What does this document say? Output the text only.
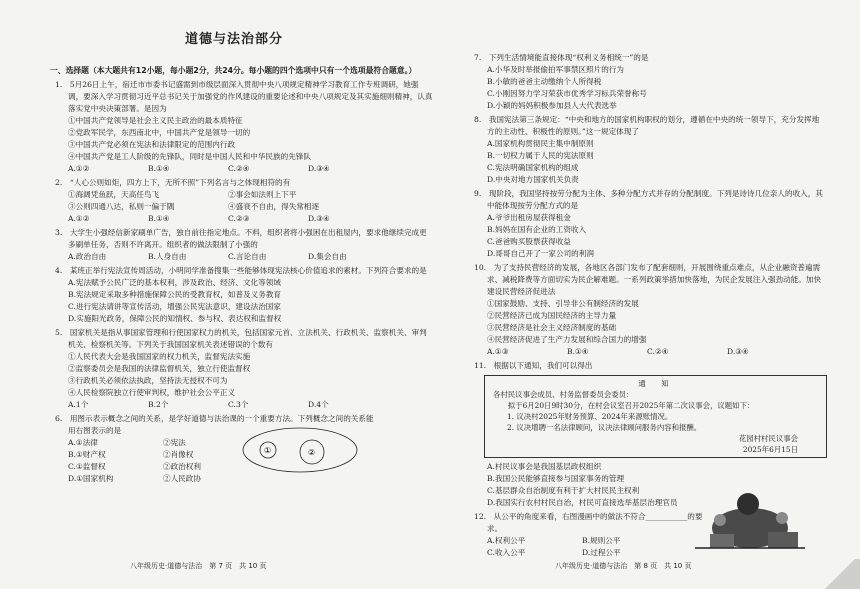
道德与法治部分
一、选择题（本大题共有12小题，每小题2分，共24分。每小题的四个选项中只有一个选项最符合题意。）
1.　5月26日上午，宿迁市市委书记盛需到市级层面深入贯彻中央八项规定精神学习教育工作专班调研，她强调，要深入学习贯彻习近平总书记关于加强党的作风建设的重要论述和中央八项规定及其实施细则精神，认真落实党中央决策部署。是因为
①中国共产党领导是社会主义民主政治的最本质特征
②党政军民学，东西南北中，中国共产党是领导一切的
③中国共产党必须在宪法和法律限定的范围内行政
④中国共产党是工人阶级的先锋队，同时是中国人民和中华民族的先锋队
A.①②	B.①④	C.②④	D.③④
2.　“人心公则如炬，四方上下，无所不照”下列名言与之体现相符的有
①海阔凭鱼跃，天高任鸟飞	②事会如法则上下平
③公则四通八达，私则一偏于隅	④盛衰不自由，得失常相逐
A.①②	B.①④	C.②③	D.③④
3.　大学生小强经信新家刷单广告，独自前往指定地点。不料，组织者将小强困在出租屋内，要求他继续完成更多刷单任务，否则不许离开。组织者的做法限制了小强的
A.政治自由	B.人身自由	C.言论自由	D.集会自由
4.　某班正举行宪法宣传周活动，小明同学准备搜集一些能够体现宪法核心价值追求的素材。下列符合要求的是
A.宪法赋予公民广泛的基本权利，涉及政治、经济、文化等领域
B.宪法规定采取多种措施保障公民的受教育权，如普及义务教育
C.进行宪法请讲等宣传活动，增强公民宪法意识，建设法治国家
D.实施阳光政务，保障公民的知情权、参与权、表达权和监督权
5.　国家机关是指从事国家管理和行使国家权力的机关，包括国家元首、立法机关、行政机关、监察机关、审判机关、检察机关等。下列关于我国国家机关表述错误的个数有
①人民代表大会是我国国家的权力机关，监督宪法实施
②监察委员会是我国的法律监督机关，独立行使监督权
③行政机关必须依法执政，坚持法无授权不可为
④人民检察院独立行使审判权，维护社会公平正义
A.1个	B.2个	C.3个	D.4个
6.　用图示表示概念之间的关系，是学好道德与法治课的一个重要方法。下列概念之间的关系能用右图表示的是
A.①法律	②宪法
B.①财产权	②肖像权
C.①监督权	②政治权利
D.①国家机构	②人民政协
①	②
7.　下列生活情境能直接体现“权利义务相统一”的是
A.小华及时举报偷拍军事禁区照片的行为
B.小敏的爸爸主动缴纳个人所得税
C.小刚因努力学习荣获市优秀学习标兵荣誉称号
D.小颖的妈妈积极参加县人大代表选举
8.　我国宪法第三条规定：“中央和地方的国家机构职权的划分，遵循在中央的统一领导下，充分发挥地方的主动性、积极性的原则。”这一规定体现了
A.国家机构贯彻民主集中制原则
B.一切权力属于人民的宪法原则
C.宪法明确国家机构的组成
D.中央对地方国家机关负责
9.　现阶段，我国坚持按劳分配为主体、多种分配方式并存的分配制度。下列是诗诗几位亲人的收入，其中能体现按劳分配方式的是
A.爷爷出租房屋获得租金
B.妈妈在国有企业的工资收入
C.爸爸购买股票获得收益
D.哥哥自己开了一家公司的利润
10.　为了支持民营经济的发展，各地区各部门发布了配套细则，开展围绕重点难点，从企业融资普遍需求、减税降费等方面切实为民企解难题。一系列政策举措加快落地，为民企发展注入强劲动能。加快建设民营经济促进法
①国家鼓励、支持、引导非公有制经济的发展
②民营经济已成为国民经济的主导力量
③民营经济是社会主义经济制度的基础
④民营经济促进了生产力发展和综合国力的增强
A.①③	B.①④	C.②④	D.③④
11.　根据以下通知，我们可以得出
通　知
各村民议事会成员、村务监督委员会委员：
　　拟于6月20日9时30分，在村会议室召开2025年第二次议事会，议题如下：
1. 议决村2025年财务预算、2024年来源账情况。
2. 议决增聘一名法律顾问，议决法律顾问服务内容和报酬。
花园村村民议事会
2025年6月15日
A.村民议事会是我国基层政权组织
B.我国公民能够直接参与国家事务的管理
C.基层群众自治制度有利于扩大村民民主权利
D.我国实行农村村民自治，村民可直接选举基层治理官员
12.　从公平的角度来看，右图漫画中的做法不符合___________的要求。
A.权利公平	B.规则公平
C.收入公平	D.过程公平
八年级历史·道德与法治　第 7 页　共 10 页	八年级历史·道德与法治　第 8 页　共 10 页
